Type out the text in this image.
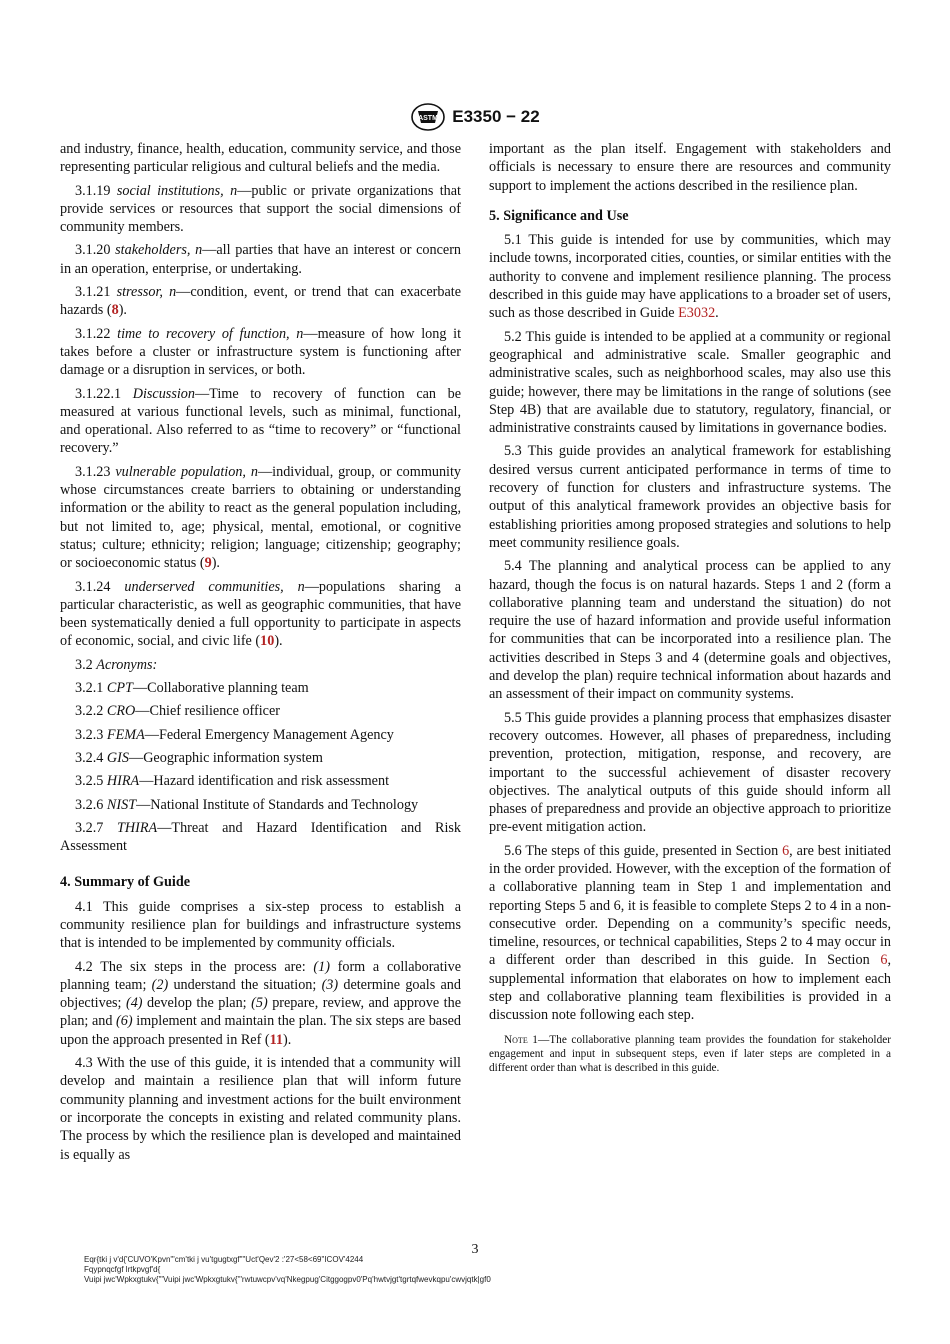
ASTM E3350 − 22

and industry, finance, health, education, community service, and those representing particular religious and cultural beliefs and the media.

3.1.19 social institutions, n—public or private organizations that provide services or resources that support the social dimensions of community members.

3.1.20 stakeholders, n—all parties that have an interest or concern in an operation, enterprise, or undertaking.

3.1.21 stressor, n—condition, event, or trend that can exacerbate hazards (8).

3.1.22 time to recovery of function, n—measure of how long it takes before a cluster or infrastructure system is functioning after damage or a disruption in services, or both.

3.1.22.1 Discussion—Time to recovery of function can be measured at various functional levels, such as minimal, functional, and operational. Also referred to as “time to recovery” or “functional recovery.”

3.1.23 vulnerable population, n—individual, group, or community whose circumstances create barriers to obtaining or understanding information or the ability to react as the general population including, but not limited to, age; physical, mental, emotional, or cognitive status; culture; ethnicity; religion; language; citizenship; geography; or socioeconomic status (9).

3.1.24 underserved communities, n—populations sharing a particular characteristic, as well as geographic communities, that have been systematically denied a full opportunity to participate in aspects of economic, social, and civic life (10).

3.2 Acronyms:

3.2.1 CPT—Collaborative planning team

3.2.2 CRO—Chief resilience officer

3.2.3 FEMA—Federal Emergency Management Agency

3.2.4 GIS—Geographic information system

3.2.5 HIRA—Hazard identification and risk assessment

3.2.6 NIST—National Institute of Standards and Technology

3.2.7 THIRA—Threat and Hazard Identification and Risk Assessment

4. Summary of Guide

4.1 This guide comprises a six-step process to establish a community resilience plan for buildings and infrastructure systems that is intended to be implemented by community officials.

4.2 The six steps in the process are: (1) form a collaborative planning team; (2) understand the situation; (3) determine goals and objectives; (4) develop the plan; (5) prepare, review, and approve the plan; and (6) implement and maintain the plan. The six steps are based upon the approach presented in Ref (11).

4.3 With the use of this guide, it is intended that a community will develop and maintain a resilience plan that will inform future community planning and investment actions for the built environment or incorporate the concepts in existing and related community plans. The process by which the resilience plan is developed and maintained is equally as

important as the plan itself. Engagement with stakeholders and officials is necessary to ensure there are resources and community support to implement the actions described in the resilience plan.

5. Significance and Use

5.1 This guide is intended for use by communities, which may include towns, incorporated cities, counties, or similar entities with the authority to convene and implement resilience planning. The process described in this guide may have applications to a broader set of users, such as those described in Guide E3032.

5.2 This guide is intended to be applied at a community or regional geographical and administrative scale. Smaller geographic and administrative scales, such as neighborhood scales, may also use this guide; however, there may be limitations in the range of solutions (see Step 4B) that are available due to statutory, regulatory, financial, or administrative constraints caused by limitations in governance bodies.

5.3 This guide provides an analytical framework for establishing desired versus current anticipated performance in terms of time to recovery of function for clusters and infrastructure systems. The output of this analytical framework provides an objective basis for establishing priorities among proposed strategies and solutions to help meet community resilience goals.

5.4 The planning and analytical process can be applied to any hazard, though the focus is on natural hazards. Steps 1 and 2 (form a collaborative planning team and understand the situation) do not require the use of hazard information and provide useful information for communities that can be incorporated into a resilience plan. The activities described in Steps 3 and 4 (determine goals and objectives, and develop the plan) require technical information about hazards and an assessment of their impact on community systems.

5.5 This guide provides a planning process that emphasizes disaster recovery outcomes. However, all phases of preparedness, including prevention, protection, mitigation, response, and recovery, are important to the successful achievement of disaster recovery objectives. The analytical outputs of this guide should inform all phases of preparedness and provide an objective approach to prioritize pre-event mitigation action.

5.6 The steps of this guide, presented in Section 6, are best initiated in the order provided. However, with the exception of the formation of a collaborative planning team in Step 1 and implementation and reporting Steps 5 and 6, it is feasible to complete Steps 2 to 4 in a non-consecutive order. Depending on a community’s specific needs, timeline, resources, or technical capabilities, Steps 2 to 4 may occur in a different order than described in this guide. In Section 6, supplemental information that elaborates on how to implement each step and collaborative planning team flexibilities is provided in a discussion note following each step.

Note 1—The collaborative planning team provides the foundation for stakeholder engagement and input in subsequent steps, even if later steps are completed in a different order than what is described in this guide.

3
Eqr{tki j v'd{'CUVO'Kpvn'"cm'tki j vu'tgugtxgf""Uct'Qev'2 :'27<58<69"ICOV'4244
Fqypnqcfgf lrtkpvgf'd{
Vuipi jwc'Wpkxgtukv{"'Vuipi jwc'Wpkxgtukv{'"rwtuwcpv'vq'Nkegpug'Citggogpv0'Pq'hwtvjgt'tgrtqfwevkqpu'cwvjqtk|gf0
